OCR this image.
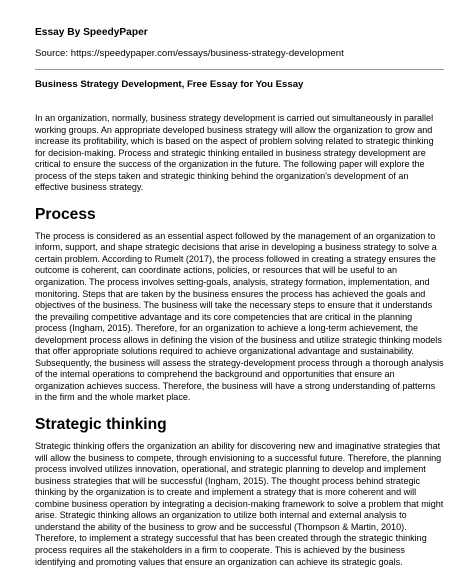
Essay By SpeedyPaper

Source: https://speedypaper.com/essays/business-strategy-development

Business Strategy Development, Free Essay for You Essay

In an organization, normally, business strategy development is carried out simultaneously in parallel working groups. An appropriate developed business strategy will allow the organization to grow and increase its profitability, which is based on the aspect of problem solving related to strategic thinking for decision-making. Process and strategic thinking entailed in business strategy development are critical to ensure the success of the organization in the future. The following paper will explore the process of the steps taken and strategic thinking behind the organization's development of an effective business strategy.

Process

The process is considered as an essential aspect followed by the management of an organization to inform, support, and shape strategic decisions that arise in developing a business strategy to solve a certain problem. According to Rumelt (2017), the process followed in creating a strategy ensures the outcome is coherent, can coordinate actions, policies, or resources that will be useful to an organization. The process involves setting-goals, analysis, strategy formation, implementation, and monitoring. Steps that are taken by the business ensures the process has achieved the goals and objectives of the business. The business will take the necessary steps to ensure that it understands the prevailing competitive advantage and its core competencies that are critical in the planning process (Ingham, 2015). Therefore, for an organization to achieve a long-term achievement, the development process allows in defining the vision of the business and utilize strategic thinking models that offer appropriate solutions required to achieve organizational advantage and sustainability. Subsequently, the business will assess the strategy-development process through a thorough analysis of the internal operations to comprehend the background and opportunities that ensure an organization achieves success. Therefore, the business will have a strong understanding of patterns in the firm and the whole market place.

Strategic thinking

Strategic thinking offers the organization an ability for discovering new and imaginative strategies that will allow the business to compete, through envisioning to a successful future. Therefore, the planning process involved utilizes innovation, operational, and strategic planning to develop and implement business strategies that will be successful (Ingham, 2015). The thought process behind strategic thinking by the organization is to create and implement a strategy that is more coherent and will combine business operation by integrating a decision-making framework to solve a problem that might arise. Strategic thinking allows an organization to utilize both internal and external analysis to understand the ability of the business to grow and be successful (Thompson & Martin, 2010). Therefore, to implement a strategy successful that has been created through the strategic thinking process requires all the stakeholders in a firm to cooperate. This is achieved by the business identifying and promoting values that ensure an organization can achieve its strategic goals.
